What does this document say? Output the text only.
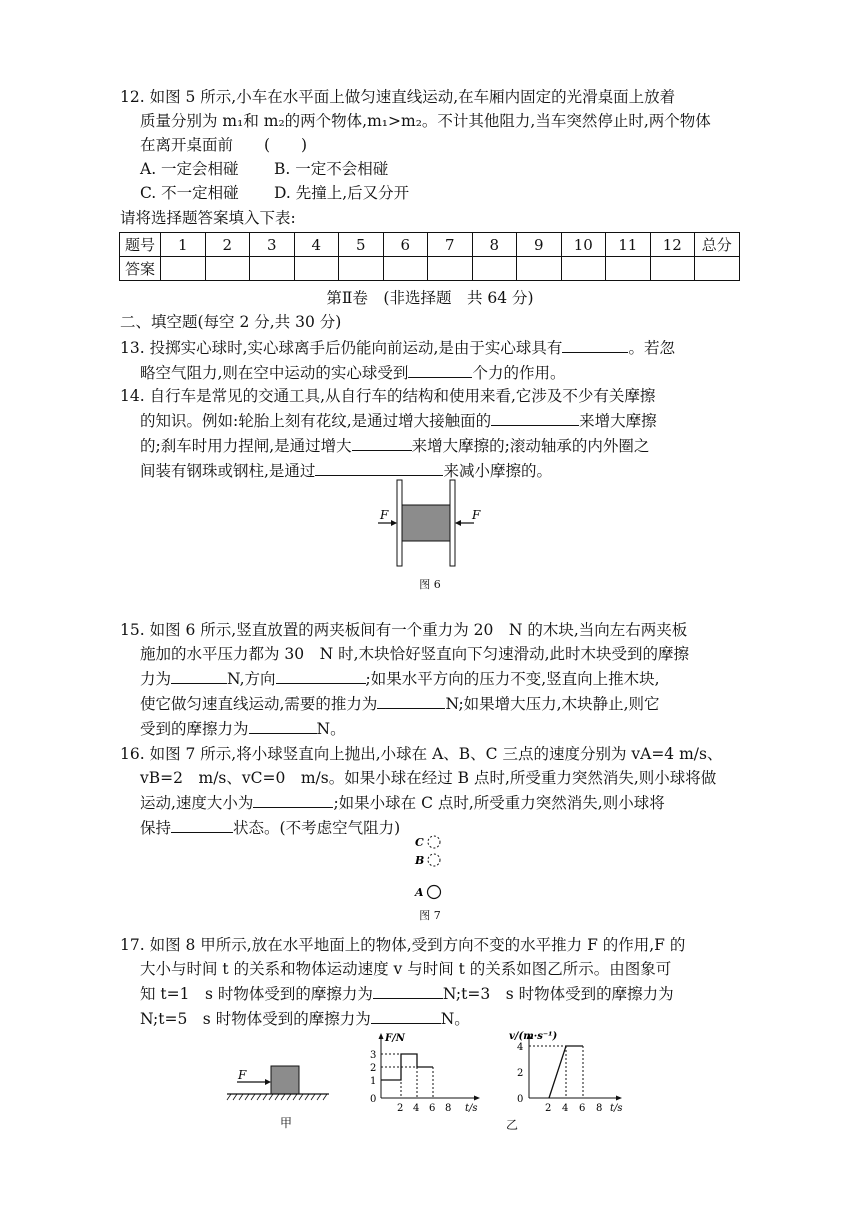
12. 如图 5 所示,小车在水平面上做匀速直线运动,在车厢内固定的光滑桌面上放着

质量分别为 m₁和 m₂的两个物体,m₁>m₂。不计其他阻力,当车突然停止时,两个物体

在离开桌面前　　(　　)

A. 一定会相碰 B. 一定不会相碰
C. 不一定相碰 D. 先撞上,后又分开
请将选择题答案填入下表:
题号	1	2	3	4	5	6	7	8	9	10	11	12	总分
答案													
第Ⅱ卷　(非选择题　共 64 分)
二、填空题(每空 2 分,共 30 分)

13. 投掷实心球时,实心球离手后仍能向前运动,是由于实心球具有	。若忽

略空气阻力,则在空中运动的实心球受到	个力的作用。

14. 自行车是常见的交通工具,从自行车的结构和使用来看,它涉及不少有关摩擦

的知识。例如:轮胎上刻有花纹,是通过增大接触面的	来增大摩擦

的;刹车时用力捏闸,是通过增大	来增大摩擦的;滚动轴承的内外圈之

间装有钢珠或钢柱,是通过	来减小摩擦的。

F	F
图 6

15. 如图 6 所示,竖直放置的两夹板间有一个重力为 20　N 的木块,当向左右两夹板

施加的水平压力都为 30　N 时,木块恰好竖直向下匀速滑动,此时木块受到的摩擦

力为	N,方向	;如果水平方向的压力不变,竖直向上推木块,

使它做匀速直线运动,需要的推力为	N;如果增大压力,木块静止,则它

受到的摩擦力为	N。

16. 如图 7 所示,将小球竖直向上抛出,小球在 A、B、C 三点的速度分别为 vA=4 m/s、

vB=2　m/s、vC=0　m/s。如果小球在经过 B 点时,所受重力突然消失,则小球将做

运动,速度大小为	;如果小球在 C 点时,所受重力突然消失,则小球将

保持	状态。(不考虑空气阻力)

C
B
A
图 7

17. 如图 8 甲所示,放在水平地面上的物体,受到方向不变的水平推力 F 的作用,F 的

大小与时间 t 的关系和物体运动速度 v 与时间 t 的关系如图乙所示。由图象可

知 t=1　s 时物体受到的摩擦力为	N;t=3　s 时物体受到的摩擦力为

N;t=5　s 时物体受到的摩擦力为	N。

F
甲
F/N
3
2
1
0
2 4 6 8 t/s
v/(m·s⁻¹)
4
2
0
2 4 6 8 t/s
乙
